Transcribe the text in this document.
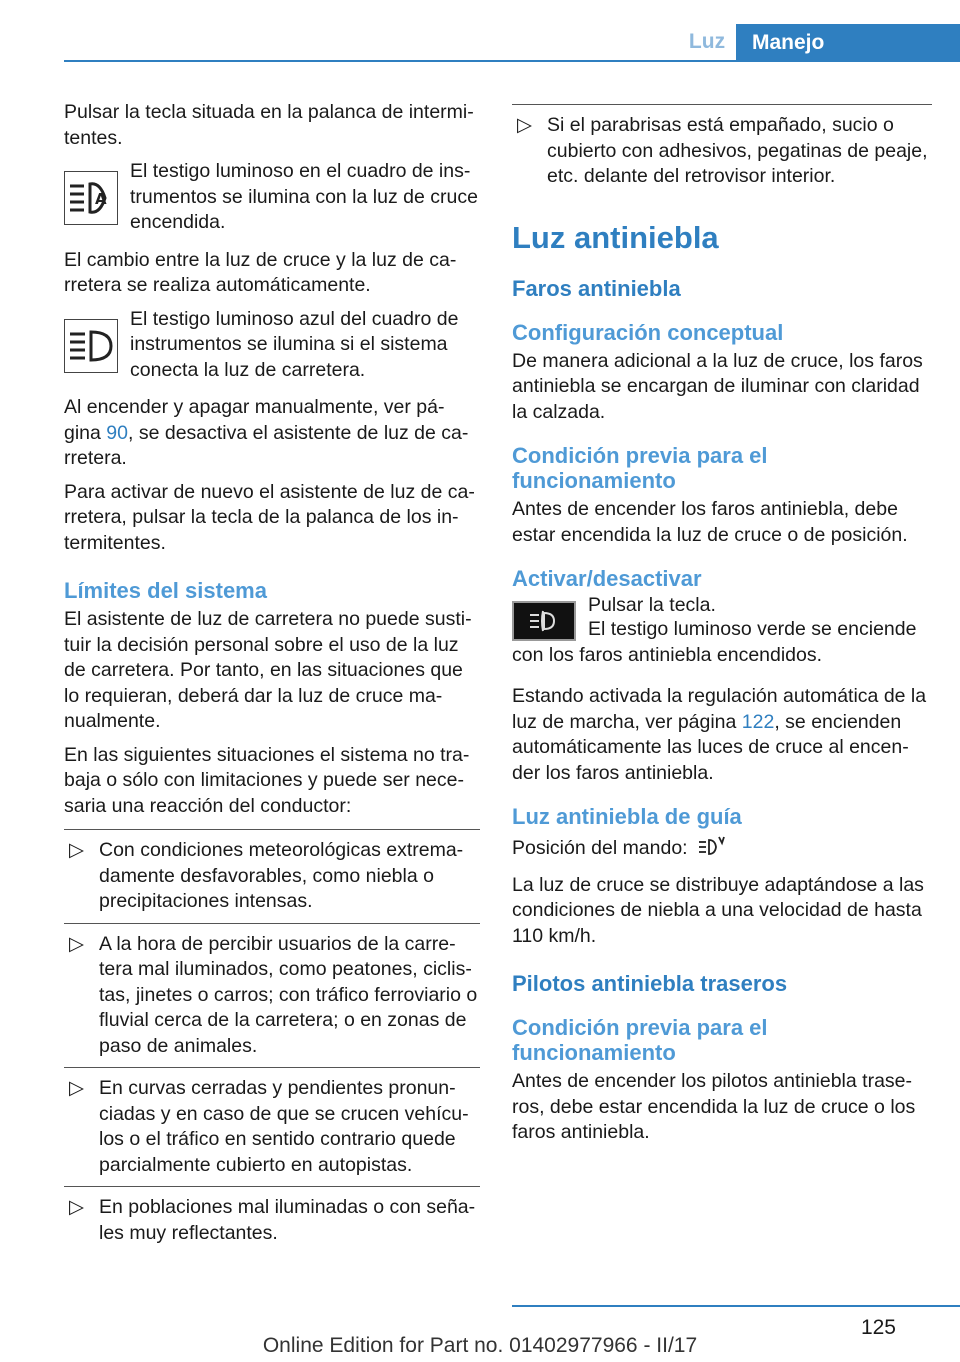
Luz	Manejo

Pulsar la tecla situada en la palanca de intermi‐tentes.

A
El testigo luminoso en el cuadro de ins‐trumentos se ilumina con la luz de cruce encendida.

El cambio entre la luz de cruce y la luz de ca‐rretera se realiza automáticamente.

El testigo luminoso azul del cuadro de instrumentos se ilumina si el sistema conecta la luz de carretera.

Al encender y apagar manualmente, ver pá‐gina 90, se desactiva el asistente de luz de ca‐rretera.

Para activar de nuevo el asistente de luz de ca‐rretera, pulsar la tecla de la palanca de los in‐termitentes.

Límites del sistema

El asistente de luz de carretera no puede susti‐tuir la decisión personal sobre el uso de la luz de carretera. Por tanto, en las situaciones que lo requieran, deberá dar la luz de cruce ma‐nualmente.

En las siguientes situaciones el sistema no tra‐baja o sólo con limitaciones y puede ser nece‐saria una reacción del conductor:

▷ Con condiciones meteorológicas extrema‐damente desfavorables, como niebla o precipitaciones intensas.
▷ A la hora de percibir usuarios de la carre‐tera mal iluminados, como peatones, ciclis‐tas, jinetes o carros; con tráfico ferroviario o fluvial cerca de la carretera; o en zonas de paso de animales.
▷ En curvas cerradas y pendientes pronun‐ciadas y en caso de que se crucen vehícu‐los o el tráfico en sentido contrario quede parcialmente cubierto en autopistas.
▷ En poblaciones mal iluminadas o con seña‐les muy reflectantes.
▷ Si el parabrisas está empañado, sucio o cubierto con adhesivos, pegatinas de peaje, etc. delante del retrovisor interior.
Luz antiniebla
Faros antiniebla
Configuración conceptual

De manera adicional a la luz de cruce, los faros antiniebla se encargan de iluminar con claridad la calzada.

Condición previa para el funcionamiento

Antes de encender los faros antiniebla, debe estar encendida la luz de cruce o de posición.

Activar/desactivar

Pulsar la tecla.

El testigo luminoso verde se enciende con los faros antiniebla encendidos.

Estando activada la regulación automática de la luz de marcha, ver página 122, se encienden automáticamente las luces de cruce al encen‐der los faros antiniebla.

Luz antiniebla de guía

Posición del mando:

La luz de cruce se distribuye adaptándose a las condiciones de niebla a una velocidad de hasta 110 km/h.

Pilotos antiniebla traseros
Condición previa para el funcionamiento

Antes de encender los pilotos antiniebla trase‐ros, debe estar encendida la luz de cruce o los faros antiniebla.

125
Online Edition for Part no. 01402977966 - II/17
